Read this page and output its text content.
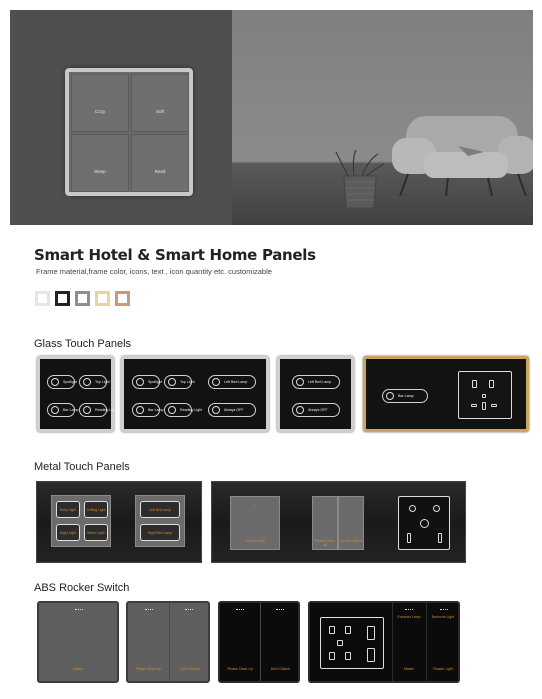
Cozy	Soft
Sleep	Read
Smart Hotel & Smart Home Panels
Frame material,frame color, icons, text , icon quantity etc. customizable
Glass Touch Panels
Spotlight	Top Light
Bar Lamp	Reading Light
Spotlight	Top Light	Left Bed Lamp
Bar Lamp	Reading Light	Always OFF
Left Bed Lamp
Always OFF
Bar Lamp
Metal Touch Panels
Entry Light	Ceiling Light
Night Light	Mirror Light
Left Bed Lamp
Right Bed Lamp
•
Guests Lamp	Please Clean Up
Do Not Disturb
ABS Rocker Switch
Master	Please Clean Up	Don't Disturb	Please Clean Up	Don't Disturb
Entrance Lamp	Bedroom Light
Master	Reader Light
